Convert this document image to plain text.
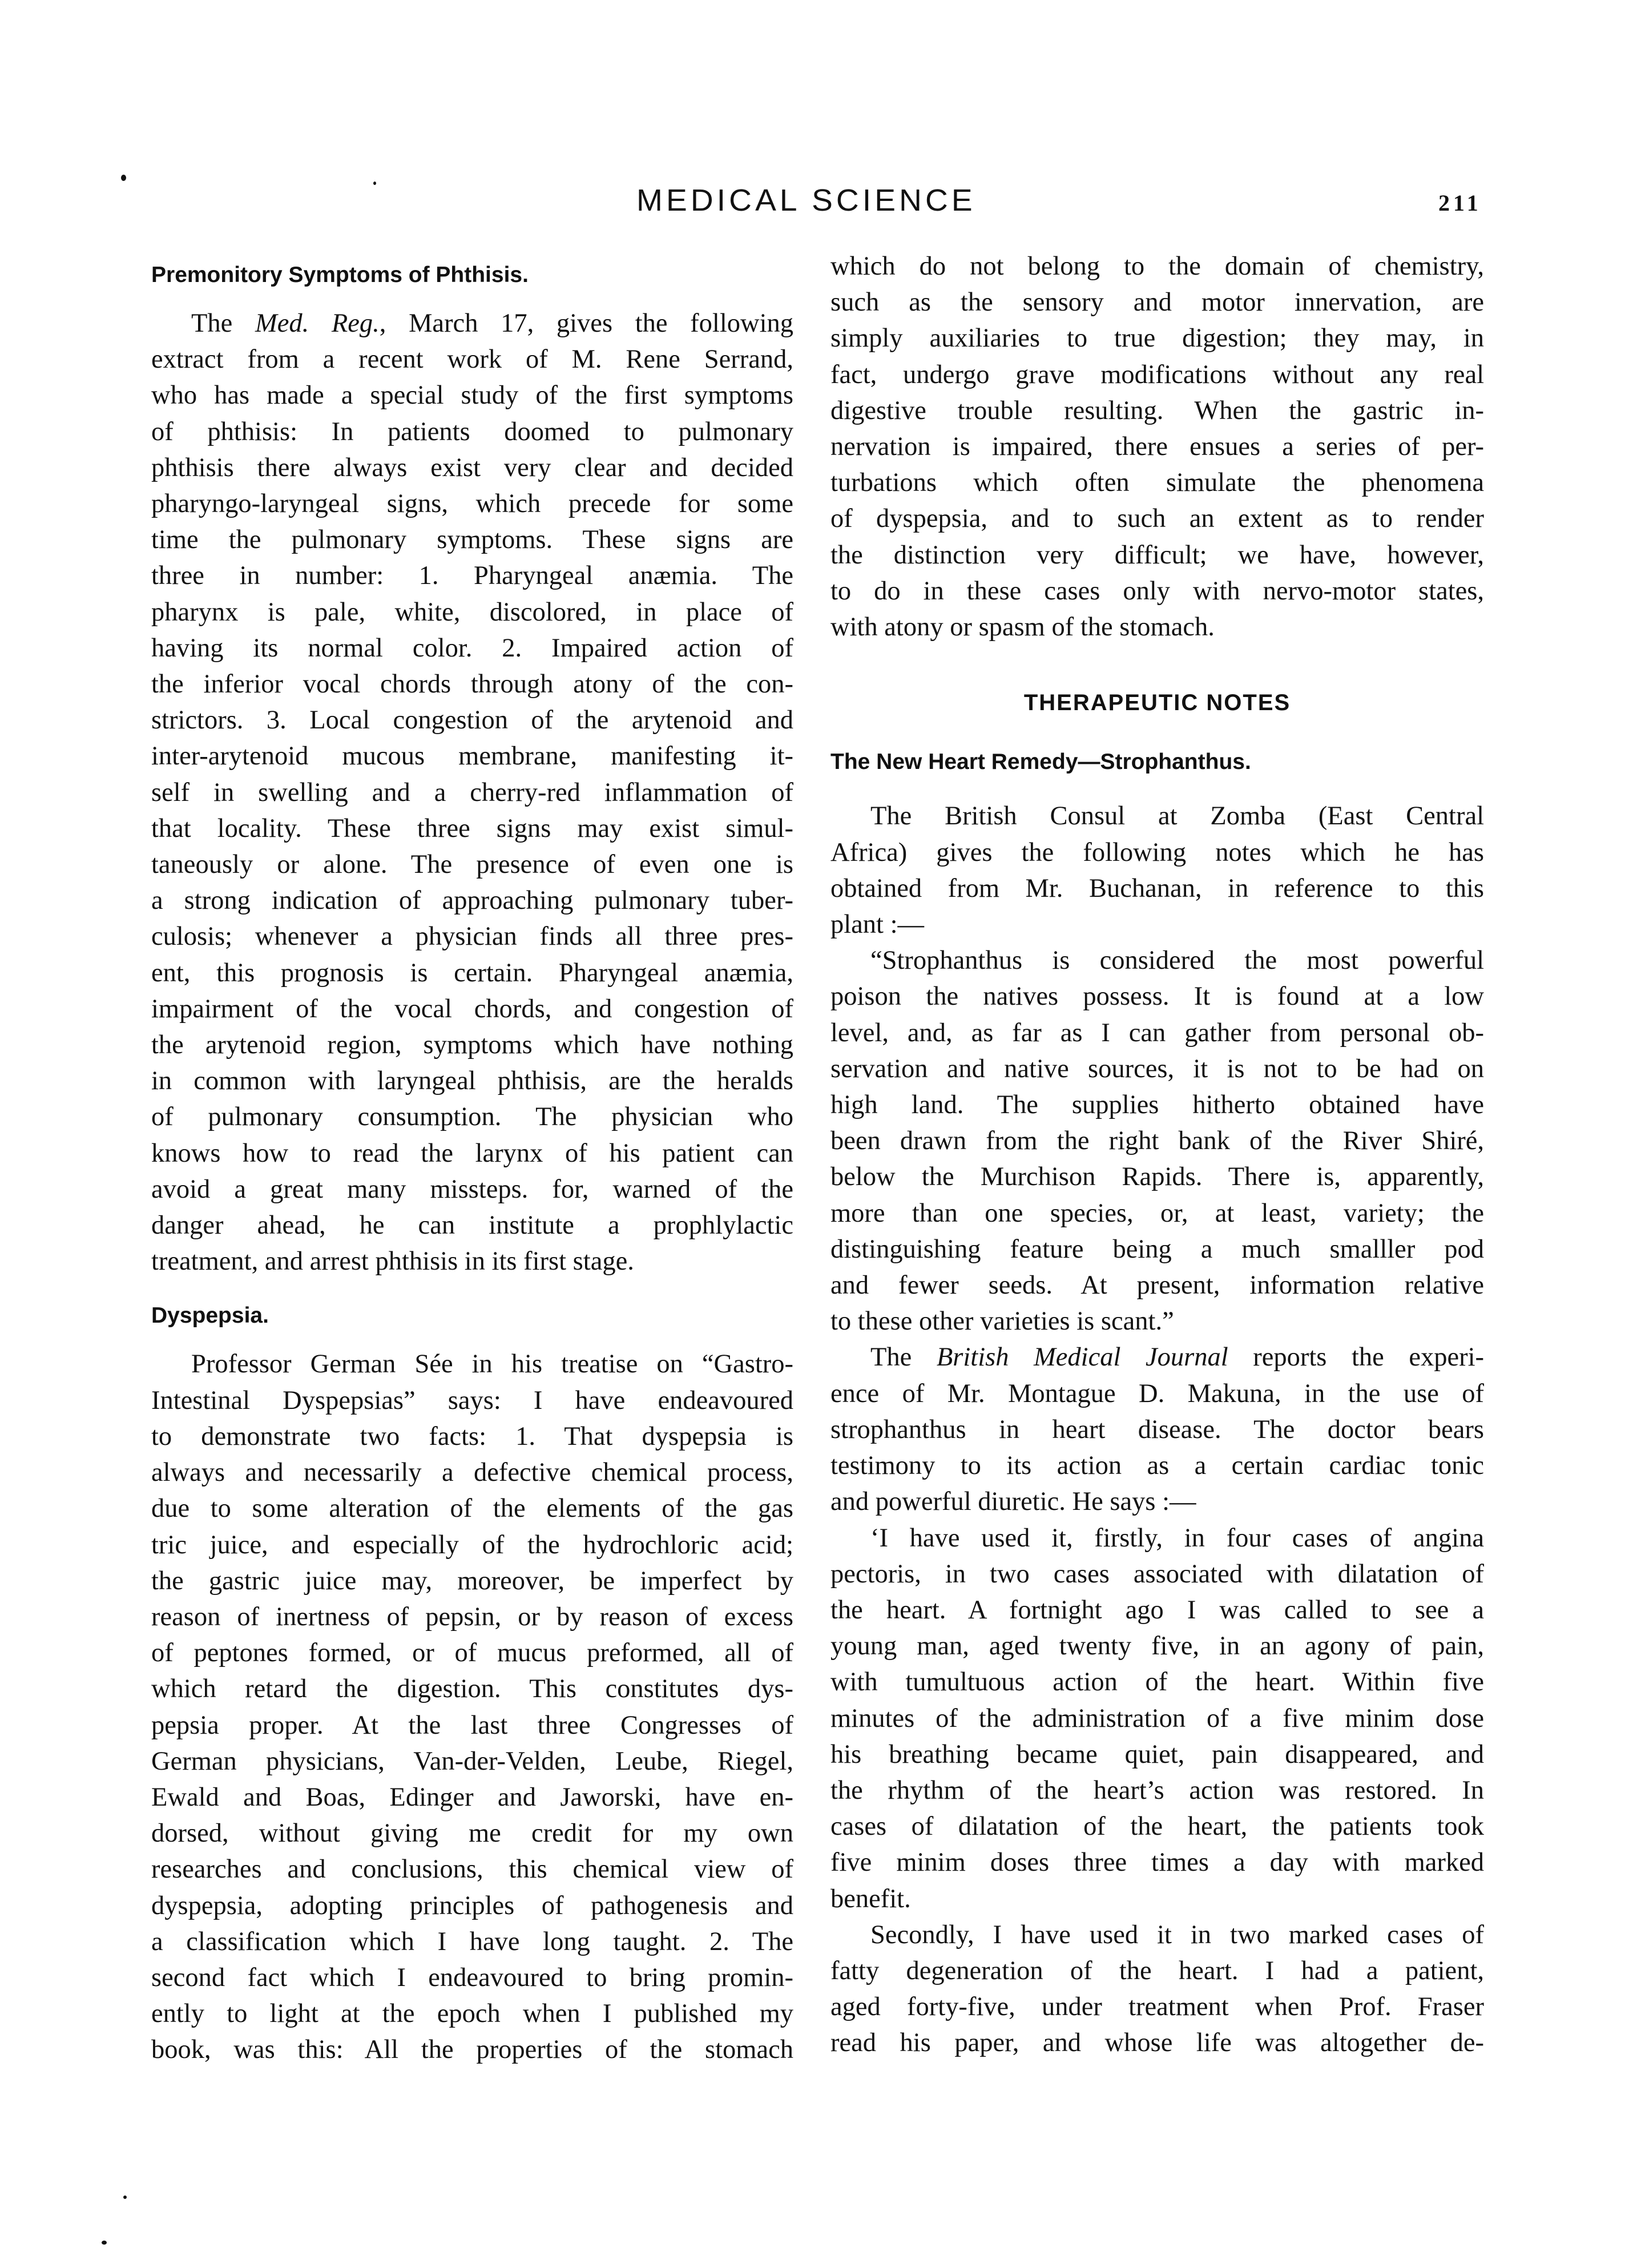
MEDICAL SCIENCE	211
Premonitory Symptoms of Phthisis.
The Med. Reg., March 17, gives the following
extract from a recent work of M. Rene Serrand,
who has made a special study of the first symptoms
of phthisis: In patients doomed to pulmonary
phthisis there always exist very clear and decided
pharyngo-laryngeal signs, which precede for some
time the pulmonary symptoms. These signs are
three in number: 1. Pharyngeal anæmia. The
pharynx is pale, white, discolored, in place of
having its normal color. 2. Impaired action of
the inferior vocal chords through atony of the con-
strictors. 3. Local congestion of the arytenoid and
inter-arytenoid mucous membrane, manifesting it-
self in swelling and a cherry-red inflammation of
that locality. These three signs may exist simul-
taneously or alone. The presence of even one is
a strong indication of approaching pulmonary tuber-
culosis; whenever a physician finds all three pres-
ent, this prognosis is certain. Pharyngeal anæmia,
impairment of the vocal chords, and congestion of
the arytenoid region, symptoms which have nothing
in common with laryngeal phthisis, are the heralds
of pulmonary consumption. The physician who
knows how to read the larynx of his patient can
avoid a great many missteps. for, warned of the
danger ahead, he can institute a prophlylactic
treatment, and arrest phthisis in its first stage.
Dyspepsia.
Professor German Sée in his treatise on “Gastro-
Intestinal Dyspepsias” says: I have endeavoured
to demonstrate two facts: 1. That dyspepsia is
always and necessarily a defective chemical process,
due to some alteration of the elements of the gas
tric juice, and especially of the hydrochloric acid;
the gastric juice may, moreover, be imperfect by
reason of inertness of pepsin, or by reason of excess
of peptones formed, or of mucus preformed, all of
which retard the digestion. This constitutes dys-
pepsia proper. At the last three Congresses of
German physicians, Van-der-Velden, Leube, Riegel,
Ewald and Boas, Edinger and Jaworski, have en-
dorsed, without giving me credit for my own
researches and conclusions, this chemical view of
dyspepsia, adopting principles of pathogenesis and
a classification which I have long taught. 2. The
second fact which I endeavoured to bring promin-
ently to light at the epoch when I published my
book, was this: All the properties of the stomach
which do not belong to the domain of chemistry,
such as the sensory and motor innervation, are
simply auxiliaries to true digestion; they may, in
fact, undergo grave modifications without any real
digestive trouble resulting. When the gastric in-
nervation is impaired, there ensues a series of per-
turbations which often simulate the phenomena
of dyspepsia, and to such an extent as to render
the distinction very difficult; we have, however,
to do in these cases only with nervo-motor states,
with atony or spasm of the stomach.
THERAPEUTIC NOTES
The New Heart Remedy—Strophanthus.
The British Consul at Zomba (East Central
Africa) gives the following notes which he has
obtained from Mr. Buchanan, in reference to this
plant :—
“Strophanthus is considered the most powerful
poison the natives possess. It is found at a low
level, and, as far as I can gather from personal ob-
servation and native sources, it is not to be had on
high land. The supplies hitherto obtained have
been drawn from the right bank of the River Shiré,
below the Murchison Rapids. There is, apparently,
more than one species, or, at least, variety; the
distinguishing feature being a much smalller pod
and fewer seeds. At present, information relative
to these other varieties is scant.”
The British Medical Journal reports the experi-
ence of Mr. Montague D. Makuna, in the use of
strophanthus in heart disease. The doctor bears
testimony to its action as a certain cardiac tonic
and powerful diuretic. He says :—
‘I have used it, firstly, in four cases of angina
pectoris, in two cases associated with dilatation of
the heart. A fortnight ago I was called to see a
young man, aged twenty five, in an agony of pain,
with tumultuous action of the heart. Within five
minutes of the administration of a five minim dose
his breathing became quiet, pain disappeared, and
the rhythm of the heart’s action was restored. In
cases of dilatation of the heart, the patients took
five minim doses three times a day with marked
benefit.
Secondly, I have used it in two marked cases of
fatty degeneration of the heart. I had a patient,
aged forty-five, under treatment when Prof. Fraser
read his paper, and whose life was altogether de-
